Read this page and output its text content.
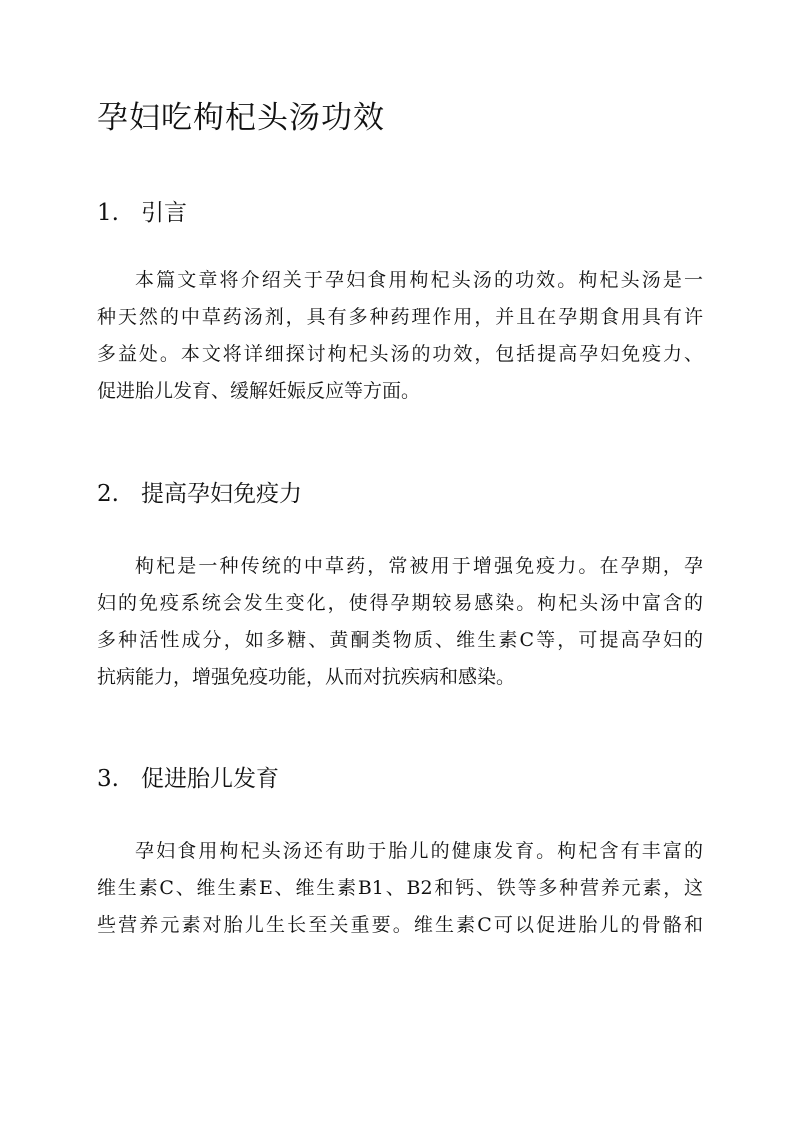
孕妇吃枸杞头汤功效
1. 引言
本篇文章将介绍关于孕妇食用枸杞头汤的功效。枸杞头汤是一
种天然的中草药汤剂，具有多种药理作用，并且在孕期食用具有许
多益处。本文将详细探讨枸杞头汤的功效，包括提高孕妇免疫力、
促进胎儿发育、缓解妊娠反应等方面。
2. 提高孕妇免疫力
枸杞是一种传统的中草药，常被用于增强免疫力。在孕期，孕
妇的免疫系统会发生变化，使得孕期较易感染。枸杞头汤中富含的
多种活性成分，如多糖、黄酮类物质、维生素C等，可提高孕妇的
抗病能力，增强免疫功能，从而对抗疾病和感染。
3. 促进胎儿发育
孕妇食用枸杞头汤还有助于胎儿的健康发育。枸杞含有丰富的
维生素C、维生素E、维生素B1、B2和钙、铁等多种营养元素，这
些营养元素对胎儿生长至关重要。维生素C可以促进胎儿的骨骼和
